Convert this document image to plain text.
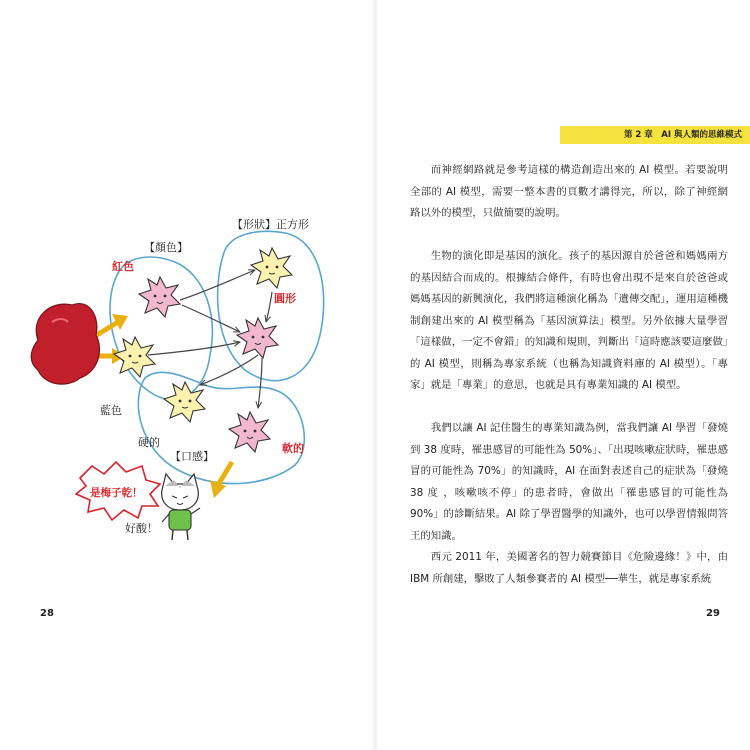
第 2 章　AI 與人類的思維模式
【顏色】
【形狀】正方形
紅色
圓形
藍色
硬的
【口感】
軟的
是梅子乾！
好酸！

而神經網路就是參考這樣的構造創造出來的 AI 模型。若要說明全部的 AI 模型，需要一整本書的頁數才講得完，所以，除了神經網路以外的模型，只做簡要的說明。

生物的演化即是基因的演化。孩子的基因源自於爸爸和媽媽兩方的基因結合而成的。根據結合條件，有時也會出現不是來自於爸爸或媽媽基因的新興演化，我們將這種演化稱為「遺傳交配」，運用這種機制創建出來的 AI 模型稱為「基因演算法」模型。另外依據大量學習「這樣做，一定不會錯」的知識和規則，判斷出「這時應該要這麼做」的 AI 模型，則稱為專家系統（也稱為知識資料庫的 AI 模型）。「專家」就是「專業」的意思，也就是具有專業知識的 AI 模型。

我們以讓 AI 記住醫生的專業知識為例，當我們讓 AI 學習「發燒到 38 度時，罹患感冒的可能性為 50%」、「出現咳嗽症狀時，罹患感冒的可能性為 70%」的知識時，AI 在面對表述自己的症狀為「發燒 38 度 ，咳嗽咳不停」的患者時，會做出「罹患感冒的可能性為 90%」的診斷結果。AI 除了學習醫學的知識外，也可以學習情報問答王的知識。

西元 2011 年，美國著名的智力競賽節目《危險邊緣！》中，由 IBM 所創建，擊敗了人類參賽者的 AI 模型──華生，就是專家系統

28	29
